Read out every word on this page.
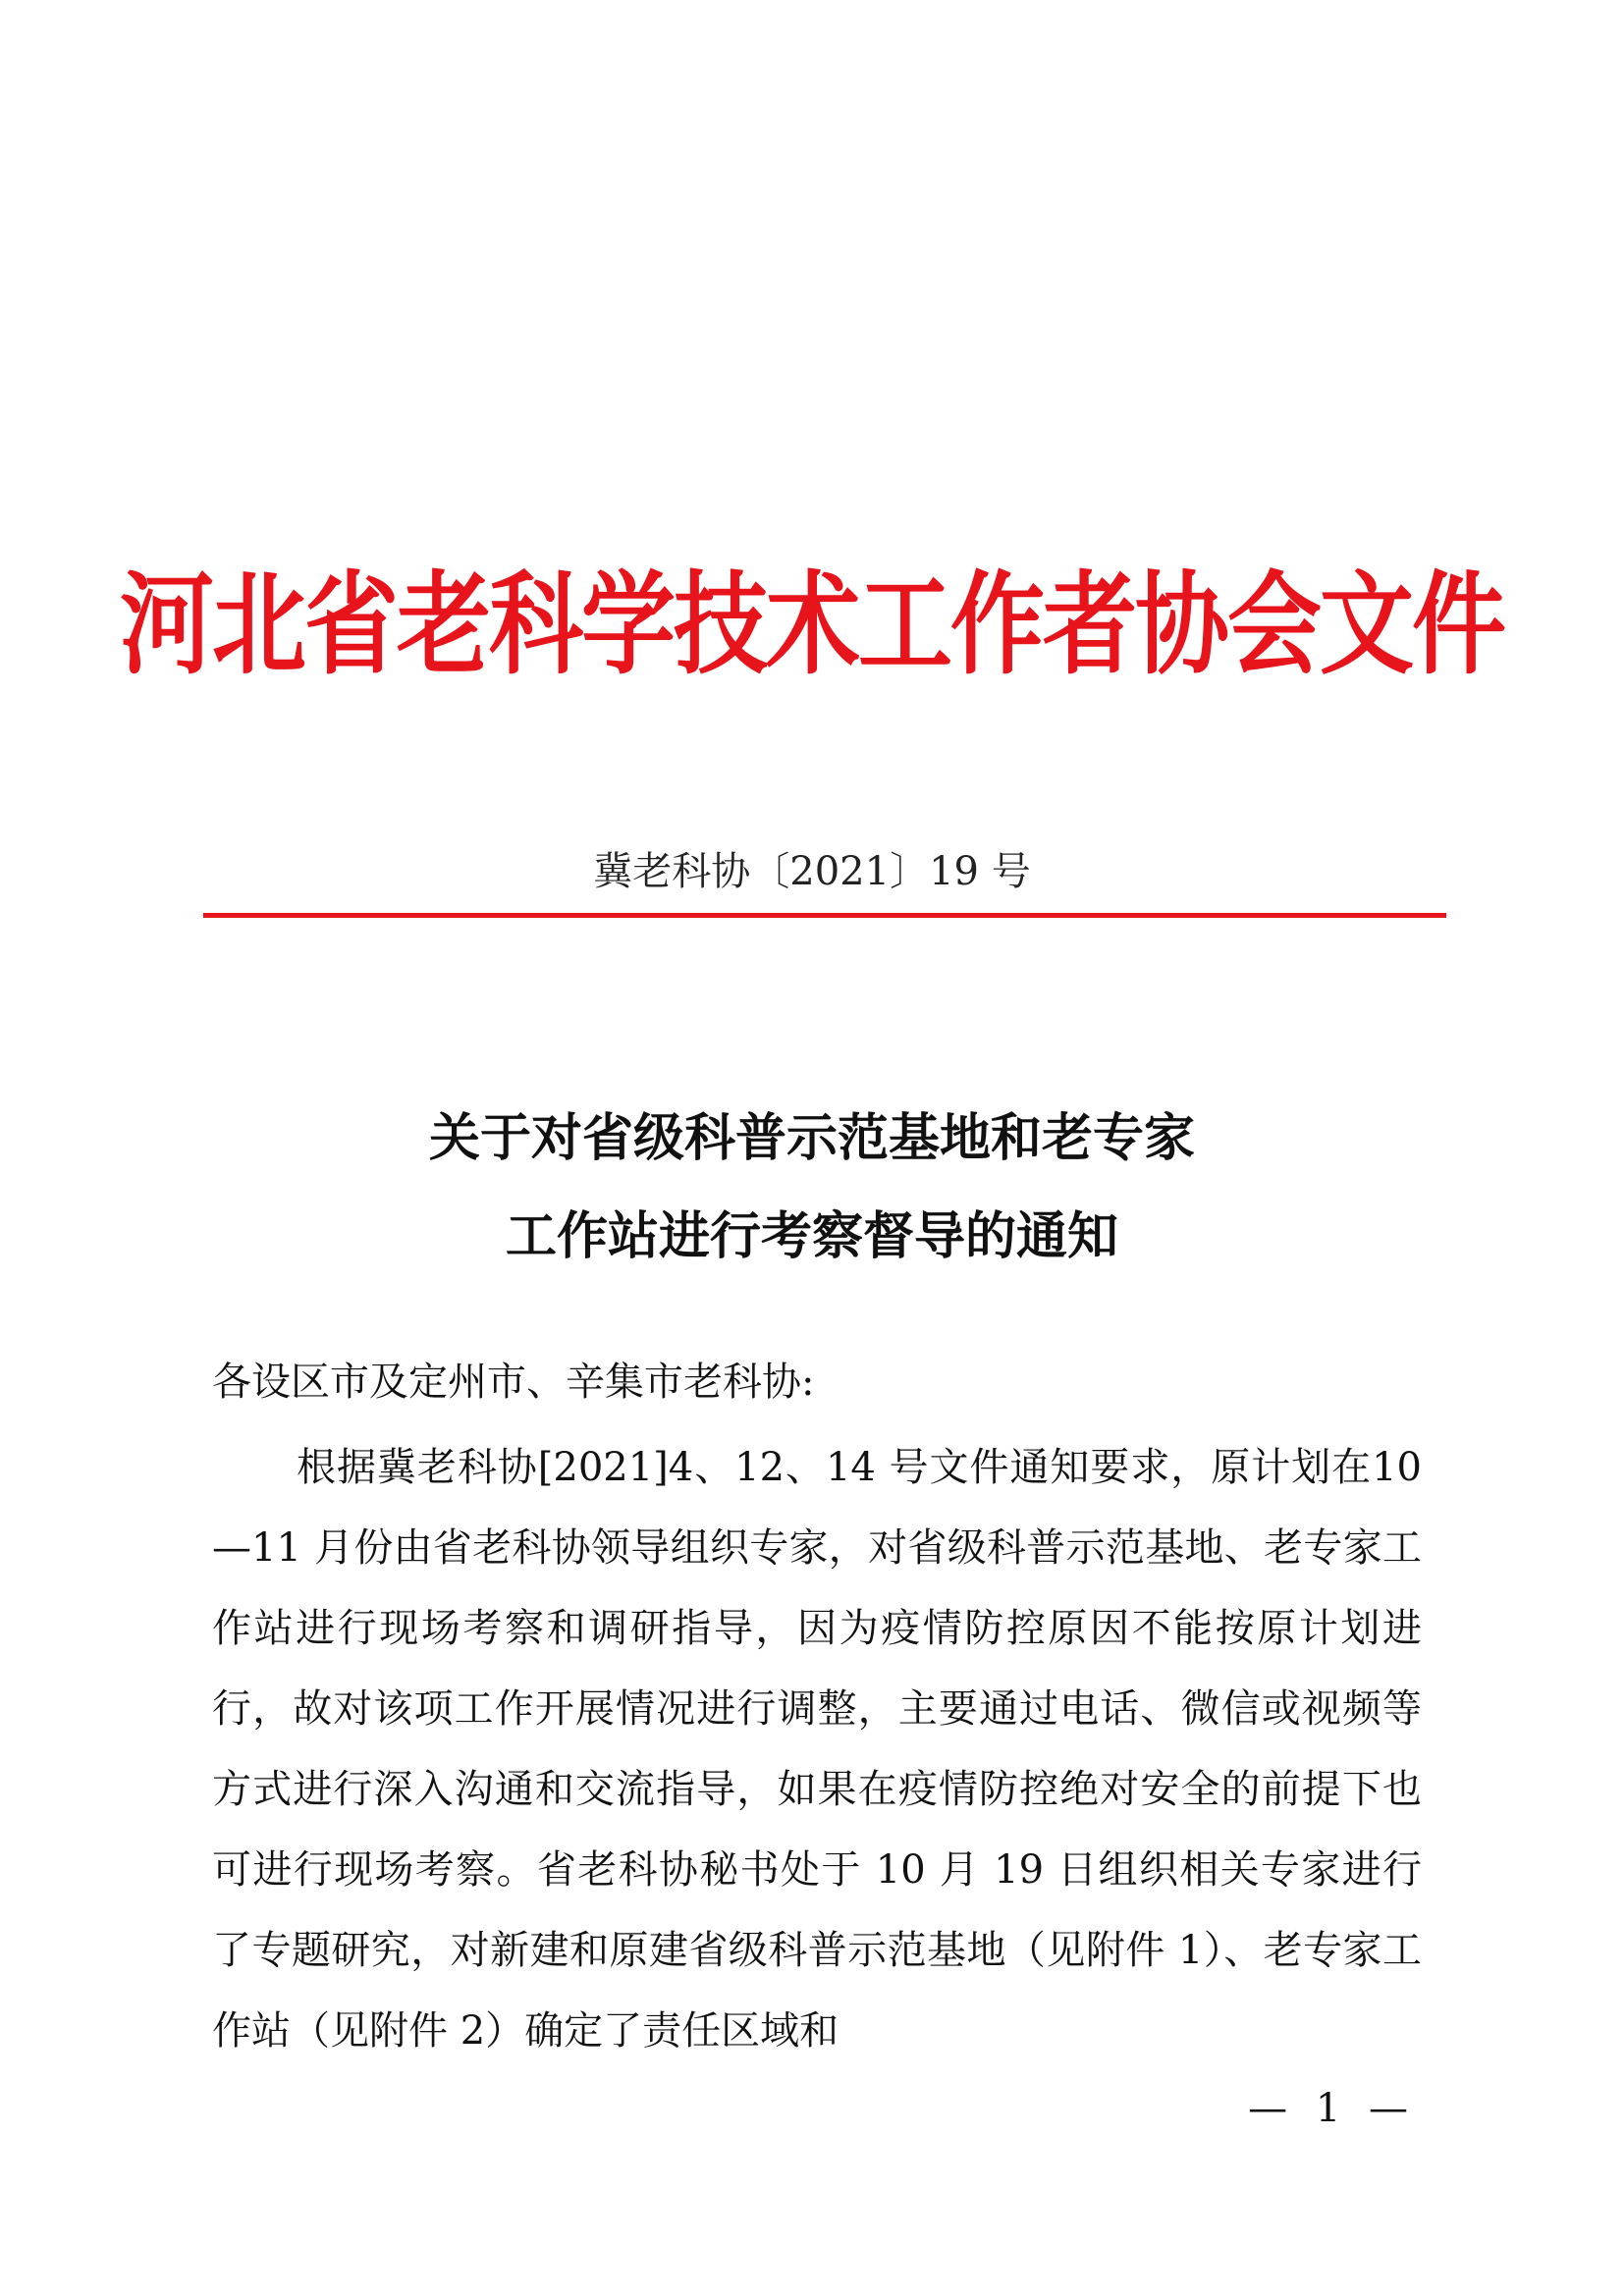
河北省老科学技术工作者协会文件
冀老科协〔2021〕19 号
关于对省级科普示范基地和老专家
工作站进行考察督导的通知
各设区市及定州市、辛集市老科协:

根据冀老科协[2021]4、12、14 号文件通知要求，原计划在10—11 月份由省老科协领导组织专家，对省级科普示范基地、老专家工作站进行现场考察和调研指导，因为疫情防控原因不能按原计划进行，故对该项工作开展情况进行调整，主要通过电话、微信或视频等方式进行深入沟通和交流指导，如果在疫情防控绝对安全的前提下也可进行现场考察。省老科协秘书处于 10 月 19 日组织相关专家进行了专题研究，对新建和原建省级科普示范基地（见附件 1）、老专家工作站（见附件 2）确定了责任区域和

— 1 —
